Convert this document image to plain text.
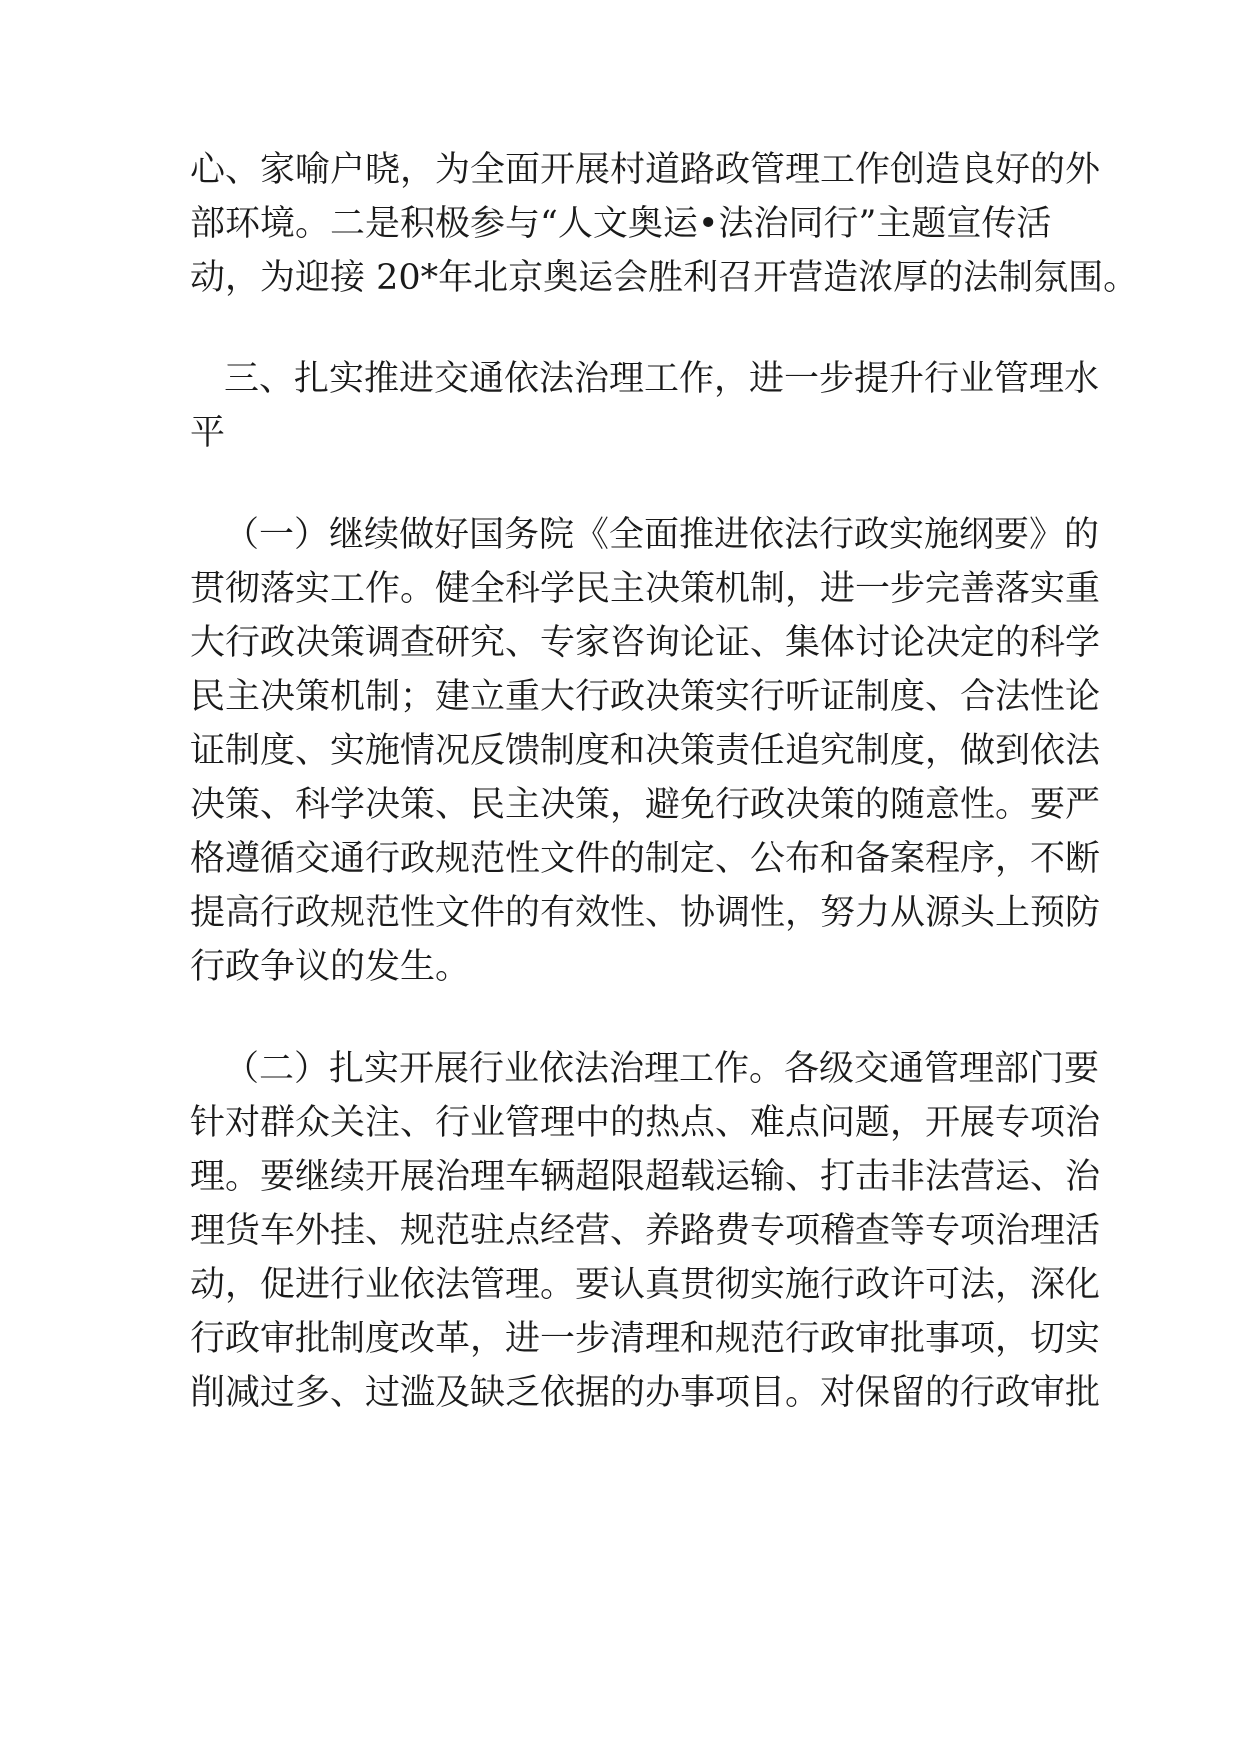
心、家喻户晓，为全面开展村道路政管理工作创造良好的外
部环境。二是积极参与“人文奥运•法治同行”主题宣传活
动，为迎接 20*年北京奥运会胜利召开营造浓厚的法制氛围。
三、扎实推进交通依法治理工作，进一步提升行业管理水
平
（一）继续做好国务院《全面推进依法行政实施纲要》的
贯彻落实工作。健全科学民主决策机制，进一步完善落实重
大行政决策调查研究、专家咨询论证、集体讨论决定的科学
民主决策机制；建立重大行政决策实行听证制度、合法性论
证制度、实施情况反馈制度和决策责任追究制度，做到依法
决策、科学决策、民主决策，避免行政决策的随意性。要严
格遵循交通行政规范性文件的制定、公布和备案程序，不断
提高行政规范性文件的有效性、协调性，努力从源头上预防
行政争议的发生。
（二）扎实开展行业依法治理工作。各级交通管理部门要
针对群众关注、行业管理中的热点、难点问题，开展专项治
理。要继续开展治理车辆超限超载运输、打击非法营运、治
理货车外挂、规范驻点经营、养路费专项稽查等专项治理活
动，促进行业依法管理。要认真贯彻实施行政许可法，深化
行政审批制度改革，进一步清理和规范行政审批事项，切实
削减过多、过滥及缺乏依据的办事项目。对保留的行政审批
